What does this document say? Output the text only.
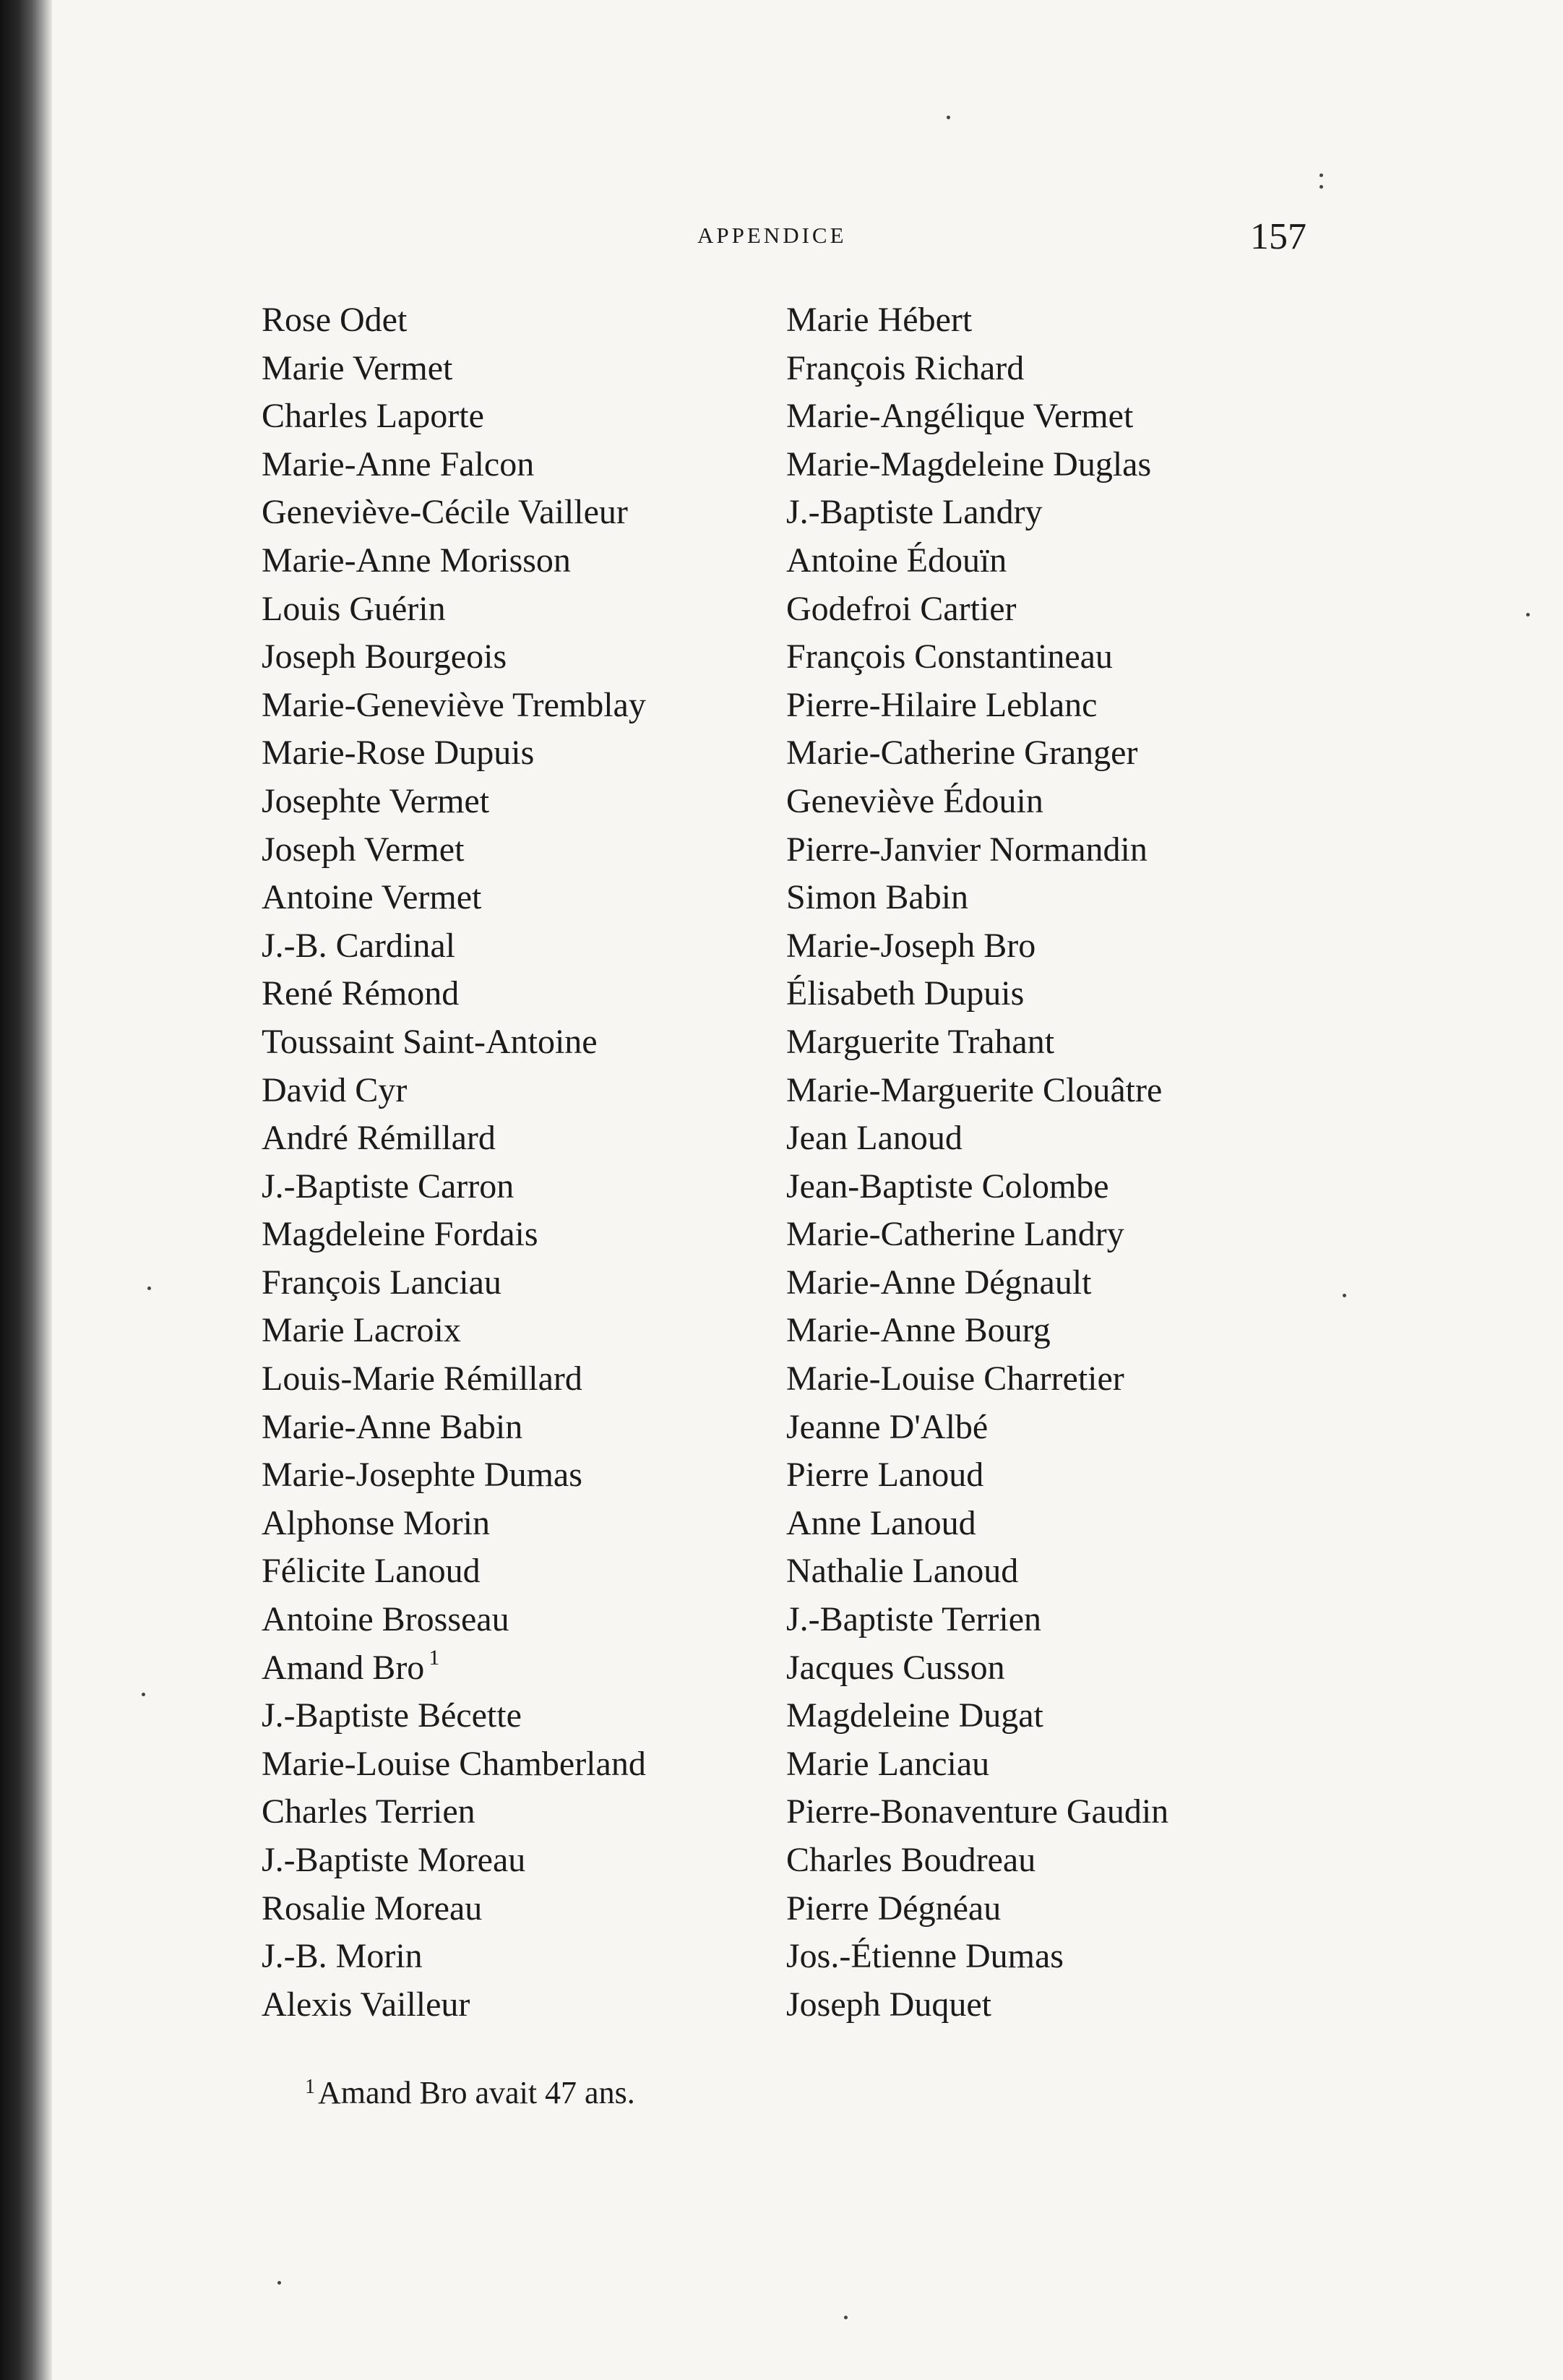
APPENDICE	157
Rose Odet
Marie Vermet
Charles Laporte
Marie-Anne Falcon
Geneviève-Cécile Vailleur
Marie-Anne Morisson
Louis Guérin
Joseph Bourgeois
Marie-Geneviève Tremblay
Marie-Rose Dupuis
Josephte Vermet
Joseph Vermet
Antoine Vermet
J.-B. Cardinal
René Rémond
Toussaint Saint-Antoine
David Cyr
André Rémillard
J.-Baptiste Carron
Magdeleine Fordais
François Lanciau
Marie Lacroix
Louis-Marie Rémillard
Marie-Anne Babin
Marie-Josephte Dumas
Alphonse Morin
Félicite Lanoud
Antoine Brosseau
Amand Bro $^1$
J.-Baptiste Bécette
Marie-Louise Chamberland
Charles Terrien
J.-Baptiste Moreau
Rosalie Moreau
J.-B. Morin
Alexis Vailleur
Marie Hébert
François Richard
Marie-Angélique Vermet
Marie-Magdeleine Duglas
J.-Baptiste Landry
Antoine Édouïn
Godefroi Cartier
François Constantineau
Pierre-Hilaire Leblanc
Marie-Catherine Granger
Geneviève Édouin
Pierre-Janvier Normandin
Simon Babin
Marie-Joseph Bro
Élisabeth Dupuis
Marguerite Trahant
Marie-Marguerite Clouâtre
Jean Lanoud
Jean-Baptiste Colombe
Marie-Catherine Landry
Marie-Anne Dégnault
Marie-Anne Bourg
Marie-Louise Charretier
Jeanne D'Albé
Pierre Lanoud
Anne Lanoud
Nathalie Lanoud
J.-Baptiste Terrien
Jacques Cusson
Magdeleine Dugat
Marie Lanciau
Pierre-Bonaventure Gaudin
Charles Boudreau
Pierre Dégnéau
Jos.-Étienne Dumas
Joseph Duquet
$^1$Amand Bro avait 47 ans.
